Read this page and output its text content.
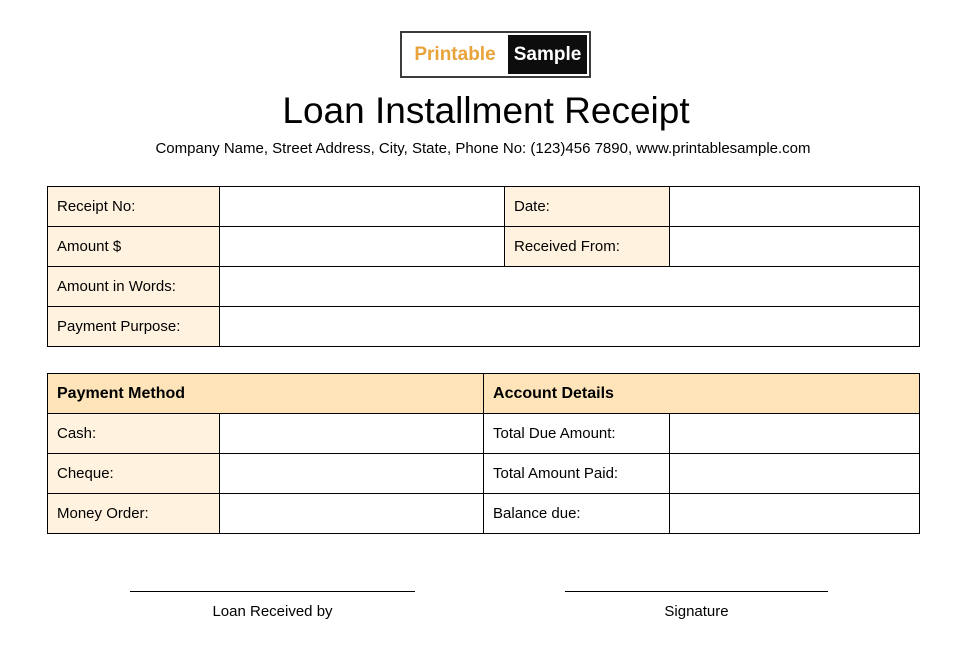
Printable Sample
Loan Installment Receipt
Company Name, Street Address, City, State, Phone No: (123)456 7890, www.printablesample.com
Receipt No:		Date:	
Amount $		Received From:	
Amount in Words:			
Payment Purpose:			
Payment Method		Account Details	
Cash:		Total Due Amount:	
Cheque:		Total Amount Paid:	
Money Order:		Balance due:	
Loan Received by	Signature
